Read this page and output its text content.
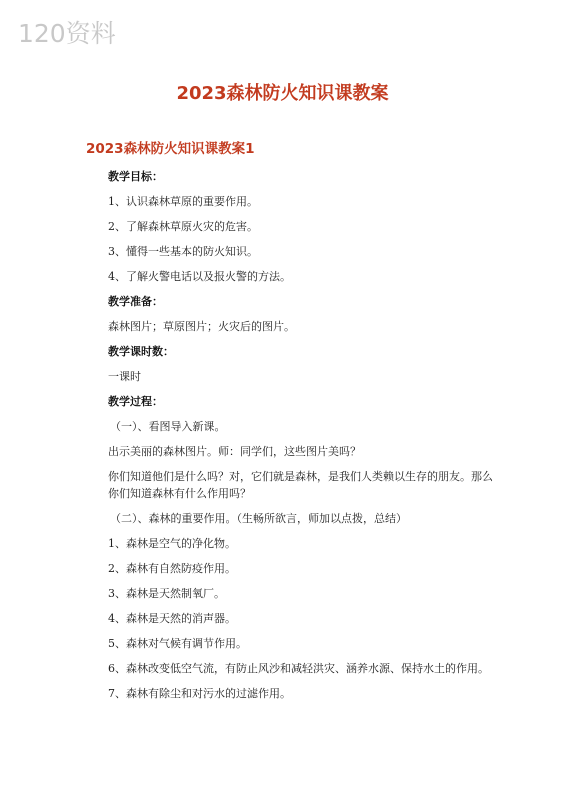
120资料
2023森林防火知识课教案
2023森林防火知识课教案1
教学目标：
1、认识森林草原的重要作用。
2、了解森林草原火灾的危害。
3、懂得一些基本的防火知识。
4、了解火警电话以及报火警的方法。
教学准备：
森林图片；草原图片；火灾后的图片。
教学课时数：
一课时
教学过程：
（一）、看图导入新课。
出示美丽的森林图片。师：同学们，这些图片美吗？
你们知道他们是什么吗？对，它们就是森林，是我们人类赖以生存的朋友。那么你们知道森林有什么作用吗？
（二）、森林的重要作用。（生畅所欲言，师加以点拨，总结）
1、森林是空气的净化物。
2、森林有自然防疫作用。
3、森林是天然制氧厂。
4、森林是天然的消声器。
5、森林对气候有调节作用。
6、森林改变低空气流，有防止风沙和减轻洪灾、涵养水源、保持水土的作用。
7、森林有除尘和对污水的过滤作用。
